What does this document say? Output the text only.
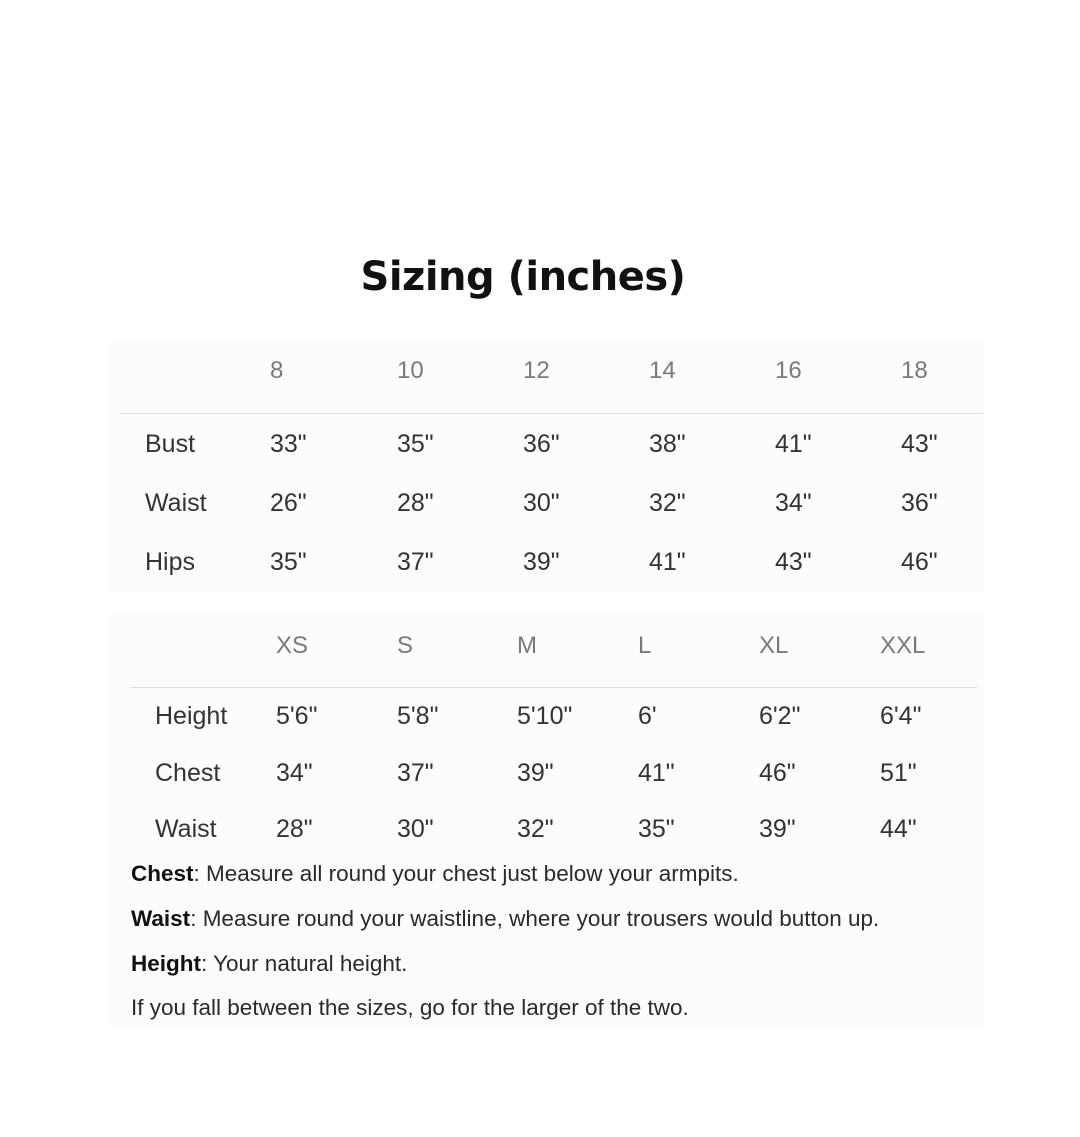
Sizing (inches)
8	10	12	14	16	18
Bust	33"	35"	36"	38"	41"	43"
Waist	26"	28"	30"	32"	34"	36"
Hips	35"	37"	39"	41"	43"	46"
XS	S	M	L	XL	XXL
Height 5'6"	5'8"	5'10"	6'	6'2"	6'4"
Chest 34"	37"	39"	41"	46"	51"
Waist 28"	30"	32"	35"	39"	44"
Chest: Measure all round your chest just below your armpits.
Waist: Measure round your waistline, where your trousers would button up.
Height: Your natural height.
If you fall between the sizes, go for the larger of the two.
